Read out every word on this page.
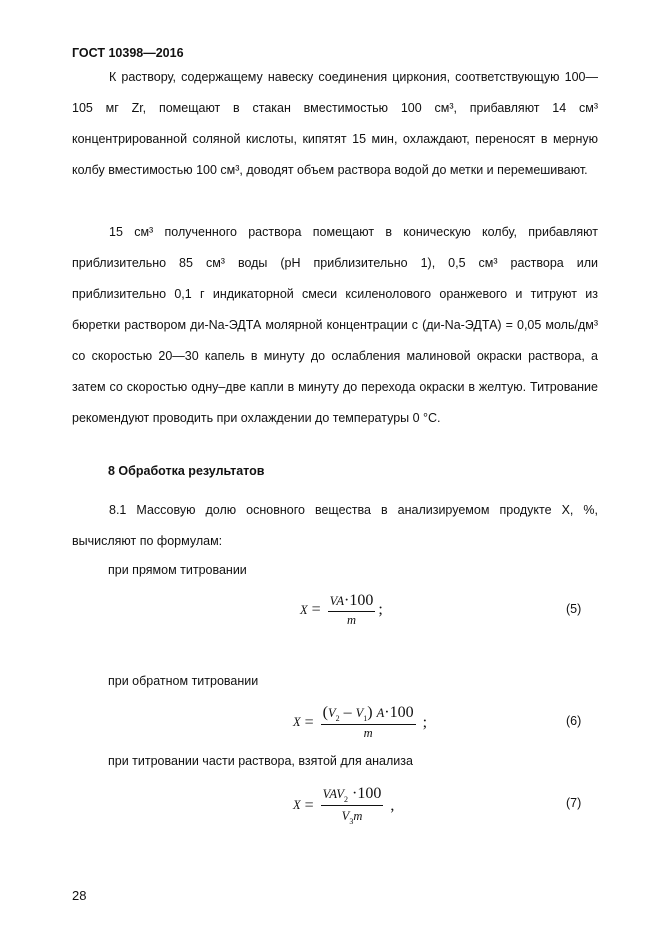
ГОСТ 10398—2016
К раствору, содержащему навеску соединения циркония, соответствующую 100—105 мг Zr, помещают в стакан вместимостью 100 см³, прибавляют 14 см³ концентрированной соляной кислоты, кипятят 15 мин, охлаждают, переносят в мерную колбу вместимостью 100 см³, доводят объем раствора водой до метки и перемешивают.
15 см³ полученного раствора помещают в коническую колбу, прибавляют приблизительно 85 см³ воды (pH приблизительно 1), 0,5 см³ раствора или приблизительно 0,1 г индикаторной смеси ксиленолового оранжевого и титруют из бюретки раствором ди-Na-ЭДТА молярной концентрации c (ди-Na-ЭДТА) = 0,05 моль/дм³ со скоростью 20—30 капель в минуту до ослабления малиновой окраски раствора, а затем со скоростью одну–две капли в минуту до перехода окраски в желтую. Титрование рекомендуют проводить при охлаждении до температуры 0 °С.
8 Обработка результатов
8.1 Массовую долю основного вещества в анализируемом продукте X, %, вычисляют по формулам:
при прямом титровании
$X = \frac{VA\cdot 100}{m}$ ;	(5)
при обратном титровании
$X = \frac{(V_2 - V_1) A\cdot 100}{m}$ ;	(6)
при титровании части раствора, взятой для анализа
$X = \frac{VAV_2 \cdot 100}{V_3m}$ ,	(7)
28
